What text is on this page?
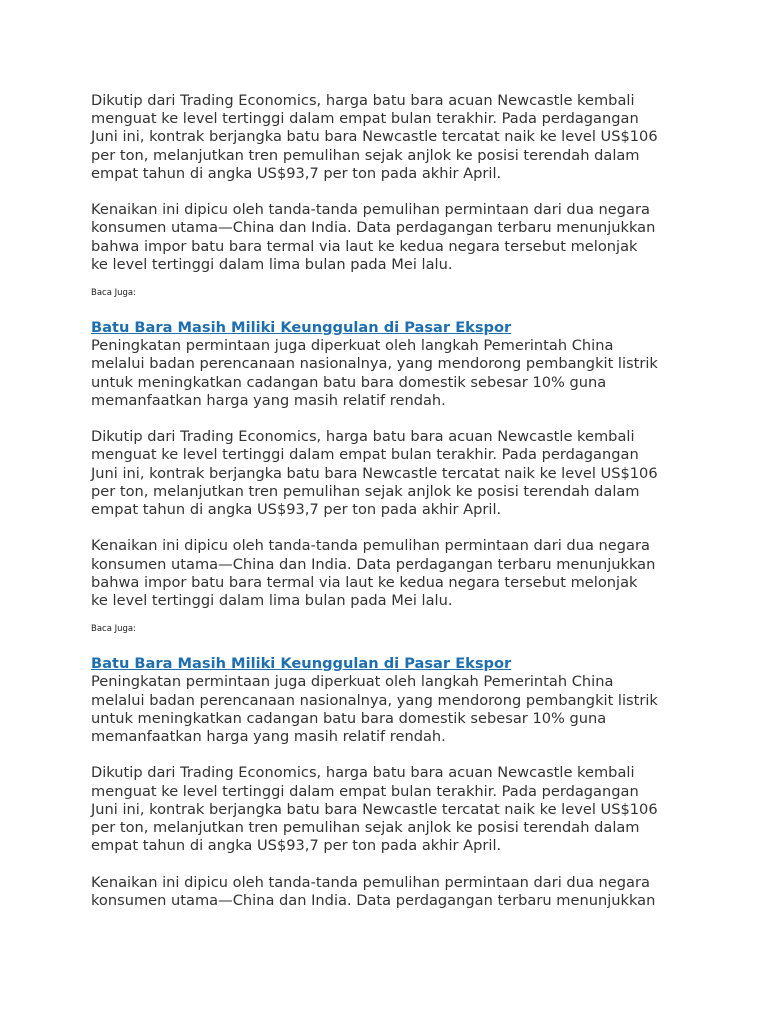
Dikutip dari Trading Economics, harga batu bara acuan Newcastle kembali
menguat ke level tertinggi dalam empat bulan terakhir. Pada perdagangan
Juni ini, kontrak berjangka batu bara Newcastle tercatat naik ke level US$106
per ton, melanjutkan tren pemulihan sejak anjlok ke posisi terendah dalam
empat tahun di angka US$93,7 per ton pada akhir April.
Kenaikan ini dipicu oleh tanda-tanda pemulihan permintaan dari dua negara
konsumen utama—China dan India. Data perdagangan terbaru menunjukkan
bahwa impor batu bara termal via laut ke kedua negara tersebut melonjak
ke level tertinggi dalam lima bulan pada Mei lalu.

Baca Juga:

Batu Bara Masih Miliki Keunggulan di Pasar Ekspor
Peningkatan permintaan juga diperkuat oleh langkah Pemerintah China
melalui badan perencanaan nasionalnya, yang mendorong pembangkit listrik
untuk meningkatkan cadangan batu bara domestik sebesar 10% guna
memanfaatkan harga yang masih relatif rendah.
Dikutip dari Trading Economics, harga batu bara acuan Newcastle kembali
menguat ke level tertinggi dalam empat bulan terakhir. Pada perdagangan
Juni ini, kontrak berjangka batu bara Newcastle tercatat naik ke level US$106
per ton, melanjutkan tren pemulihan sejak anjlok ke posisi terendah dalam
empat tahun di angka US$93,7 per ton pada akhir April.
Kenaikan ini dipicu oleh tanda-tanda pemulihan permintaan dari dua negara
konsumen utama—China dan India. Data perdagangan terbaru menunjukkan
bahwa impor batu bara termal via laut ke kedua negara tersebut melonjak
ke level tertinggi dalam lima bulan pada Mei lalu.

Baca Juga:

Batu Bara Masih Miliki Keunggulan di Pasar Ekspor
Peningkatan permintaan juga diperkuat oleh langkah Pemerintah China
melalui badan perencanaan nasionalnya, yang mendorong pembangkit listrik
untuk meningkatkan cadangan batu bara domestik sebesar 10% guna
memanfaatkan harga yang masih relatif rendah.
Dikutip dari Trading Economics, harga batu bara acuan Newcastle kembali
menguat ke level tertinggi dalam empat bulan terakhir. Pada perdagangan
Juni ini, kontrak berjangka batu bara Newcastle tercatat naik ke level US$106
per ton, melanjutkan tren pemulihan sejak anjlok ke posisi terendah dalam
empat tahun di angka US$93,7 per ton pada akhir April.
Kenaikan ini dipicu oleh tanda-tanda pemulihan permintaan dari dua negara
konsumen utama—China dan India. Data perdagangan terbaru menunjukkan
